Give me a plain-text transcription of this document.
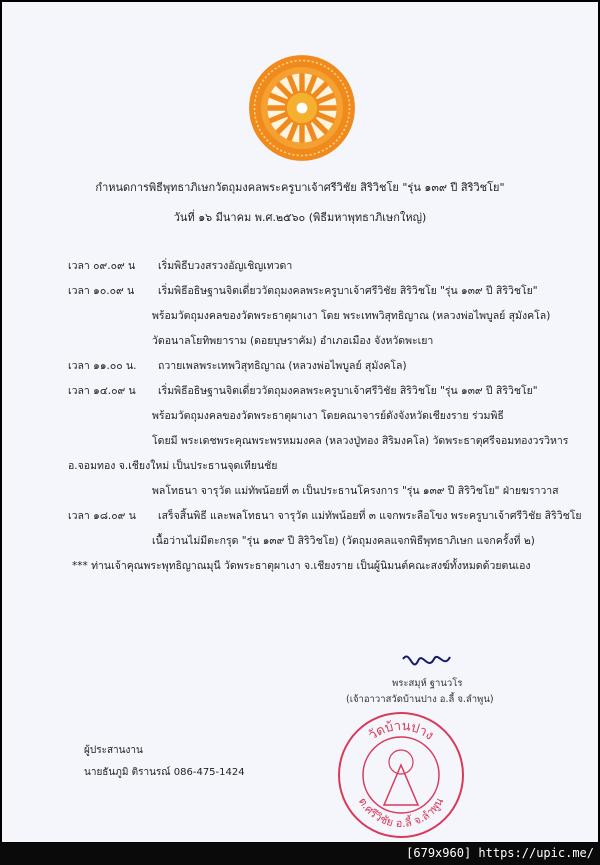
กำหนดการพิธีพุทธาภิเษกวัตถุมงคลพระครูบาเจ้าศรีวิชัย สิริวิชโย "รุ่น ๑๓๙ ปี สิริวิชโย"
วันที่ ๑๖ มีนาคม พ.ศ.๒๕๖๐ (พิธีมหาพุทธาภิเษกใหญ่)
เวลา ๐๙.๐๙ น เริ่มพิธีบวงสรวงอัญเชิญเทวดา
เวลา ๑๐.๐๙ น เริ่มพิธีอธิษฐานจิตเดี่ยววัตถุมงคลพระครูบาเจ้าศรีวิชัย สิริวิชโย "รุ่น ๑๓๙ ปี สิริวิชโย"
พร้อมวัตถุมงคลของวัดพระธาตุผาเงา โดย พระเทพวิสุทธิญาณ (หลวงพ่อไพบูลย์ สุมังคโล)
วัดอนาลโยทิพยาราม (ดอยบุษราคัม) อำเภอเมือง จังหวัดพะเยา
เวลา ๑๑.๐๐ น. ถวายเพลพระเทพวิสุทธิญาณ (หลวงพ่อไพบูลย์ สุมังคโล)
เวลา ๑๔.๐๙ น เริ่มพิธีอธิษฐานจิตเดี่ยววัตถุมงคลพระครูบาเจ้าศรีวิชัย สิริวิชโย "รุ่น ๑๓๙ ปี สิริวิชโย"
พร้อมวัตถุมงคลของวัดพระธาตุผาเงา โดยคณาจารย์ดังจังหวัดเชียงราย ร่วมพิธี
โดยมี พระเดชพระคุณพระพรหมมงคล (หลวงปู่ทอง สิริมงคโล) วัดพระธาตุศรีจอมทองวรวิหาร
อ.จอมทอง จ.เชียงใหม่ เป็นประธานจุดเทียนชัย
พลโทธนา จารุวัต แม่ทัพน้อยที่ ๓ เป็นประธานโครงการ "รุ่น ๑๓๙ ปี สิริวิชโย" ฝ่ายฆราวาส
เวลา ๑๘.๐๙ น เสร็จสิ้นพิธี และพลโทธนา จารุวัต แม่ทัพน้อยที่ ๓ แจกพระลือโขง พระครูบาเจ้าศรีวิชัย สิริวิชโย
เนื้อว่านไม่มีตะกรุด "รุ่น ๑๓๙ ปี สิริวิชโย) (วัตถุมงคลแจกพิธีพุทธาภิเษก แจกครั้งที่ ๒)
*** ท่านเจ้าคุณพระพุทธิญาณมุนี วัดพระธาตุผาเงา จ.เชียงราย เป็นผู้นิมนต์คณะสงฆ์ทั้งหมดด้วยตนเอง
พระสมุห์ ฐานวโร
(เจ้าอาวาสวัดบ้านปาง อ.ลี้ จ.ลำพูน)
วัดบ้านปาง
ต.ศรีวิชัย อ.ลี้ จ.ลำพูน
ผู้ประสานงาน
นายธันภูมิ ติรานรณ์ 086-475-1424
[679x960] https://upic.me/
